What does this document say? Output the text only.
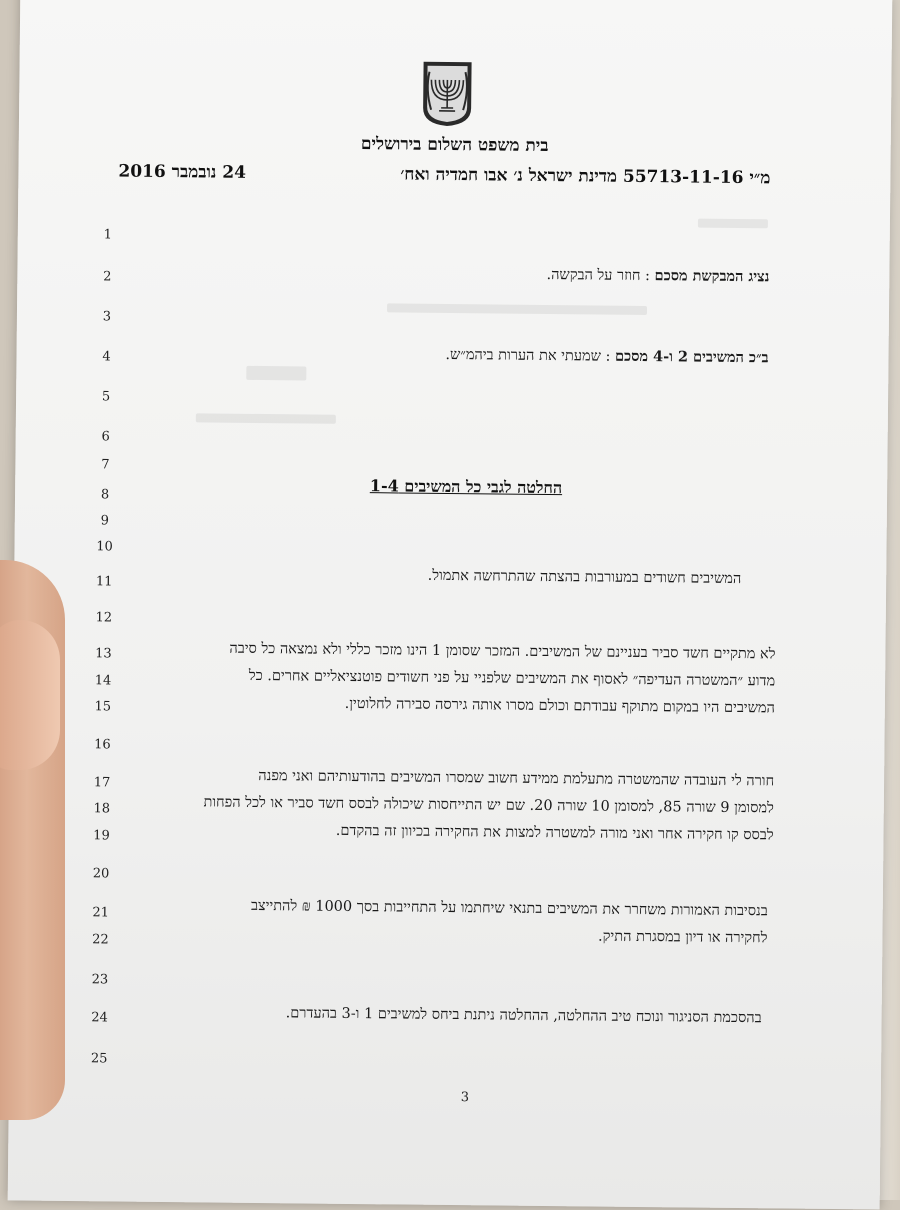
בית משפט השלום בירושלים
מ״י 55713-11-16 מדינת ישראל נ׳ אבו חמדיה ואח׳
24 נובמבר 2016
1
2
3
4
5
6
7
8
9
10
11
12
13
14
15
16
17
18
19
20
21
22
23
24
25
נציג המבקשת מסכם : חוזר על הבקשה.
ב״כ המשיבים 2 ו-4 מסכם : שמעתי את הערות ביהמ״ש.
החלטה לגבי כל המשיבים 1-4
המשיבים חשודים במעורבות בהצתה שהתרחשה אתמול.
לא מתקיים חשד סביר בעניינם של המשיבים. המזכר שסומן 1 הינו מזכר כללי ולא נמצאה כל סיבה
מדוע ״המשטרה העדיפה״ לאסוף את המשיבים שלפניי על פני חשודים פוטנציאליים אחרים. כל
המשיבים היו במקום מתוקף עבודתם וכולם מסרו אותה גירסה סבירה לחלוטין.
חורה לי העובדה שהמשטרה מתעלמת ממידע חשוב שמסרו המשיבים בהודעותיהם ואני מפנה
למסומן 9 שורה 85, למסומן 10 שורה 20. שם יש התייחסות שיכולה לבסס חשד סביר או לכל הפחות
לבסס קו חקירה אחר ואני מורה למשטרה למצות את החקירה בכיוון זה בהקדם.
בנסיבות האמורות משחרר את המשיבים בתנאי שיחתמו על התחייבות בסך 1000 ₪ להתייצב
לחקירה או דיון במסגרת התיק.
בהסכמת הסניגור ונוכח טיב ההחלטה, ההחלטה ניתנת ביחס למשיבים 1 ו-3 בהעדרם.
3
